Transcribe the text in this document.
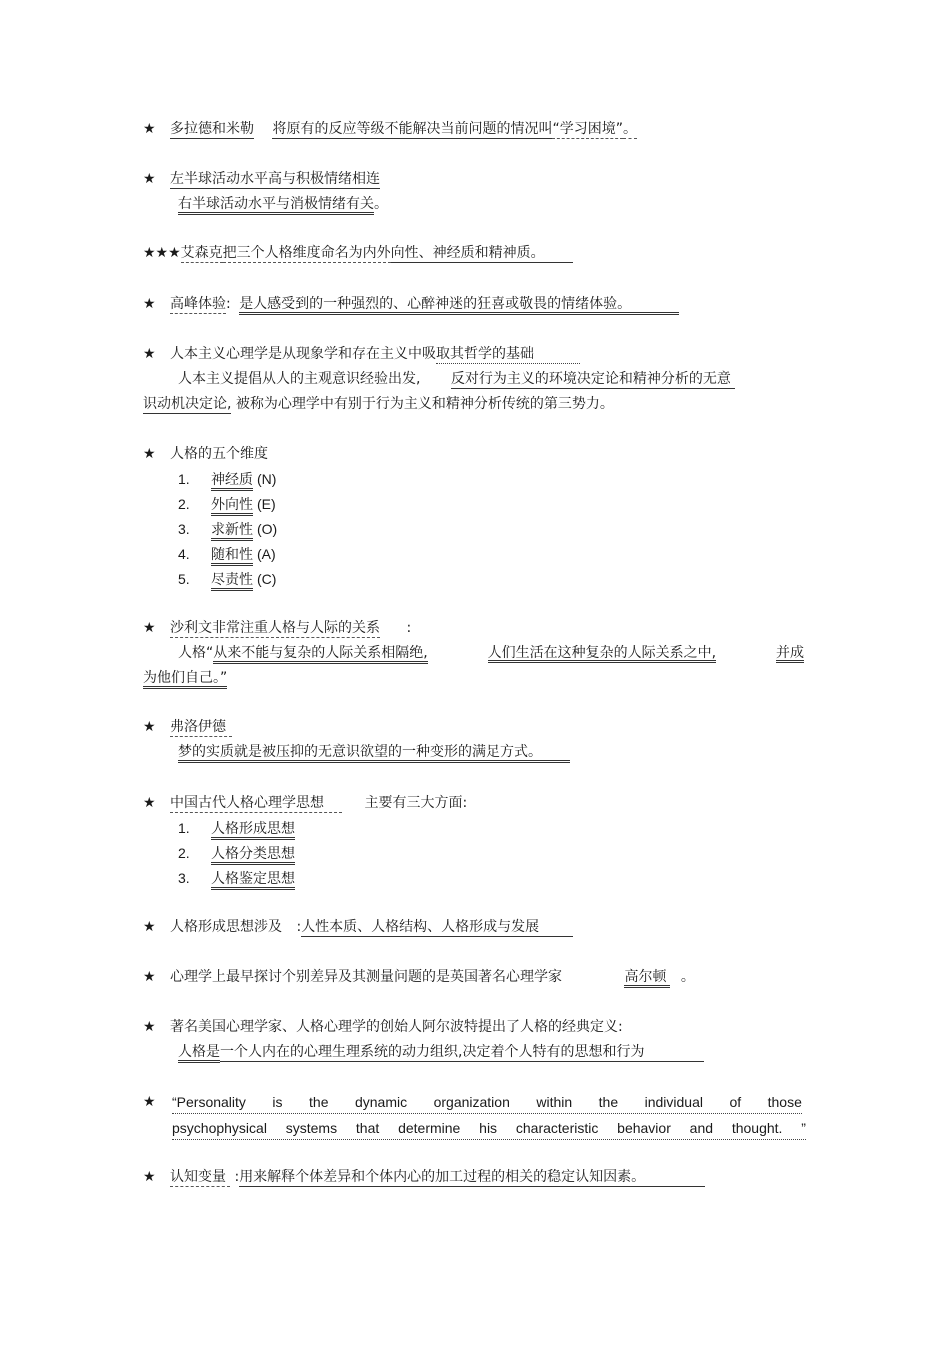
★ 多拉德和米勒 将原有的反应等级不能解决当前问题的情况叫“学习困境”。
★ 左半球活动水平高与积极情绪相连
右半球活动水平与消极情绪有关。
★★★艾森克把三个人格维度命名为内外向性、神经质和精神质。
★ 高峰体验: 是人感受到的一种强烈的、心醉神迷的狂喜或敬畏的情绪体验。
★ 人本主义心理学是从现象学和存在主义中吸取其哲学的基础
人本主义提倡从人的主观意识经验出发, 反对行为主义的环境决定论和精神分析的无意
识动机决定论, 被称为心理学中有别于行为主义和精神分析传统的第三势力。
★ 人格的五个维度
1. 神经质 (N)
2. 外向性 (E)
3. 求新性 (O)
4. 随和性 (A)
5. 尽责性 (C)
★ 沙利文非常注重人格与人际的关系 :
人格“从来不能与复杂的人际关系相隔绝,	人们生活在这种复杂的人际关系之中,	并成
为他们自己。”
★ 弗洛伊德
梦的实质就是被压抑的无意识欲望的一种变形的满足方式。
★ 中国古代人格心理学思想	主要有三大方面:
1. 人格形成思想
2. 人格分类思想
3. 人格鉴定思想
★ 人格形成思想涉及 :人性本质、人格结构、人格形成与发展
★ 心理学上最早探讨个别差异及其测量问题的是英国著名心理学家	高尔顿 。
★ 著名美国心理学家、人格心理学的创始人阿尔波特提出了人格的经典定义:
人格是一个人内在的心理生理系统的动力组织,决定着个人特有的思想和行为
★ “Personality is the dynamic organization within the individual of those
psychophysical systems that determine his characteristic behavior and thought. ”
★ 认知变量 :用来解释个体差异和个体内心的加工过程的相关的稳定认知因素。
